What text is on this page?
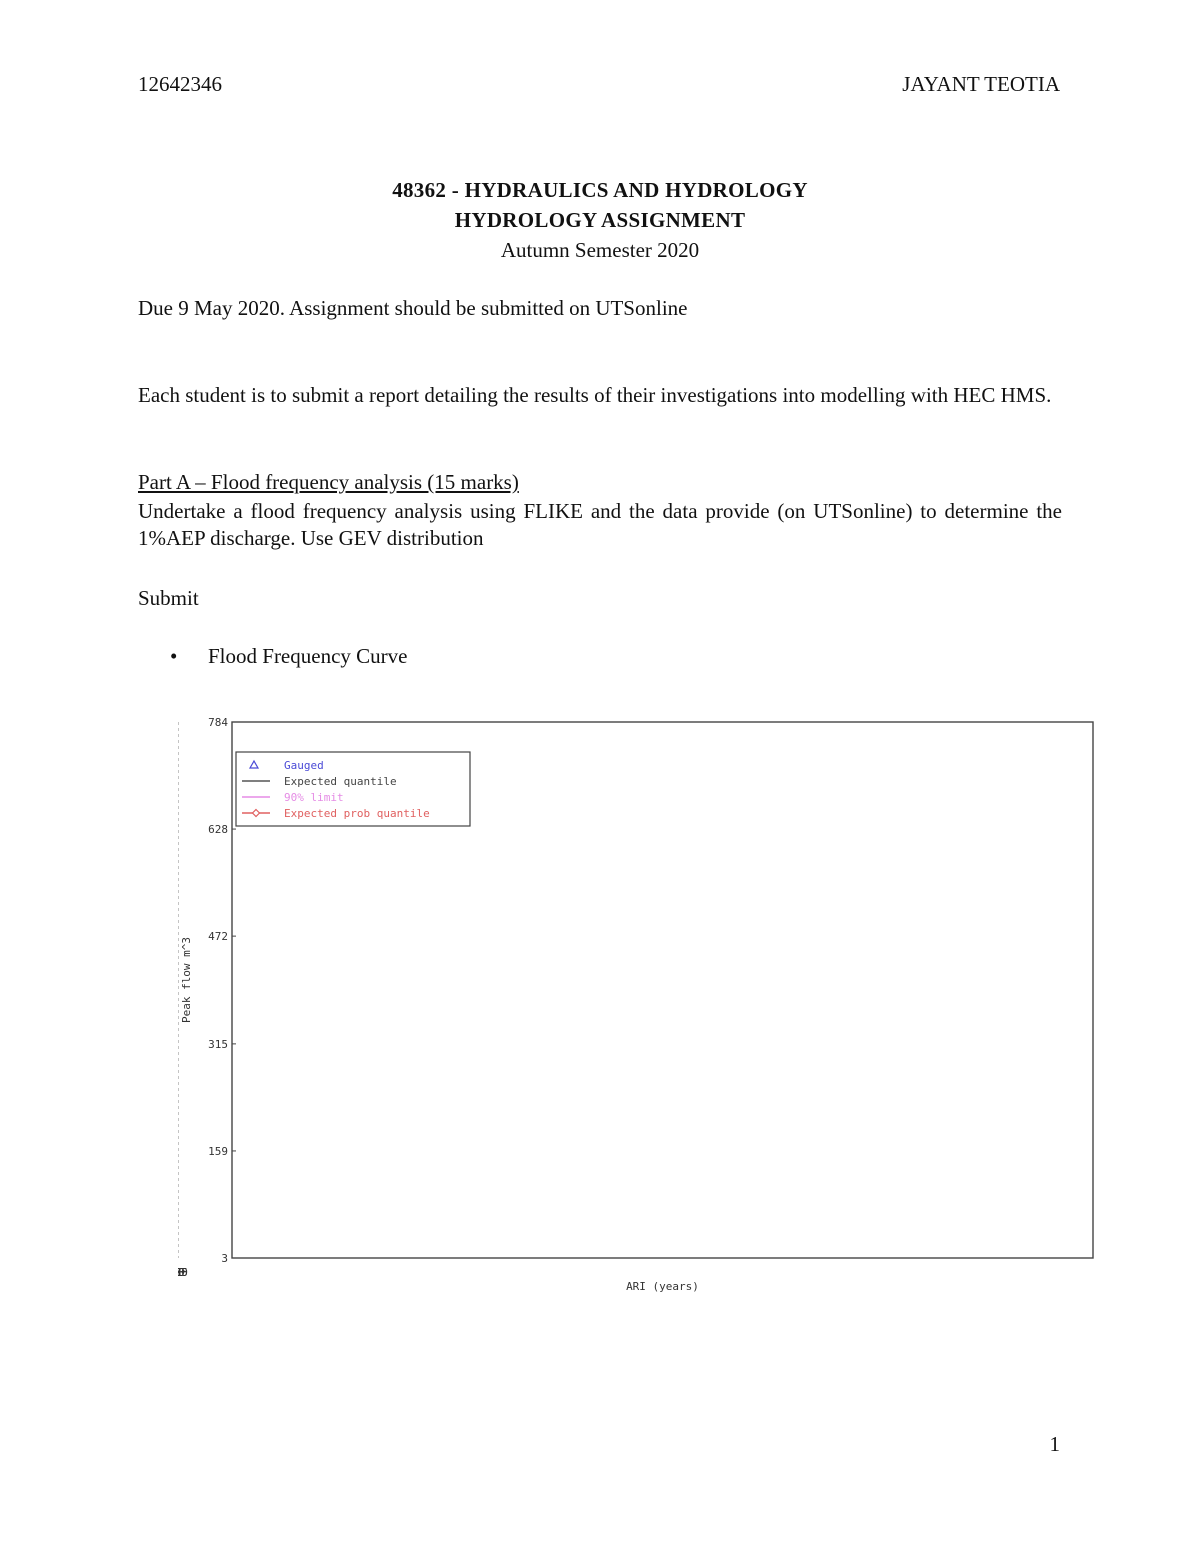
12642346	JAYANT TEOTIA
48362 - HYDRAULICS AND HYDROLOGY
HYDROLOGY ASSIGNMENT
Autumn Semester 2020
Due 9 May 2020. Assignment should be submitted on UTSonline
Each student is to submit a report detailing the results of their investigations into modelling with HEC HMS.
Part A – Flood frequency analysis (15 marks)
Undertake a flood frequency analysis using FLIKE and the data provide (on UTSonline) to determine the 1%AEP discharge. Use GEV distribution
Submit
• Flood Frequency Curve
5
0
0
0
0
3
159
315
472
628
784
ARI (years)
Peak flow m^3
Gauged
Expected quantile
90% limit
Expected prob quantile
1
